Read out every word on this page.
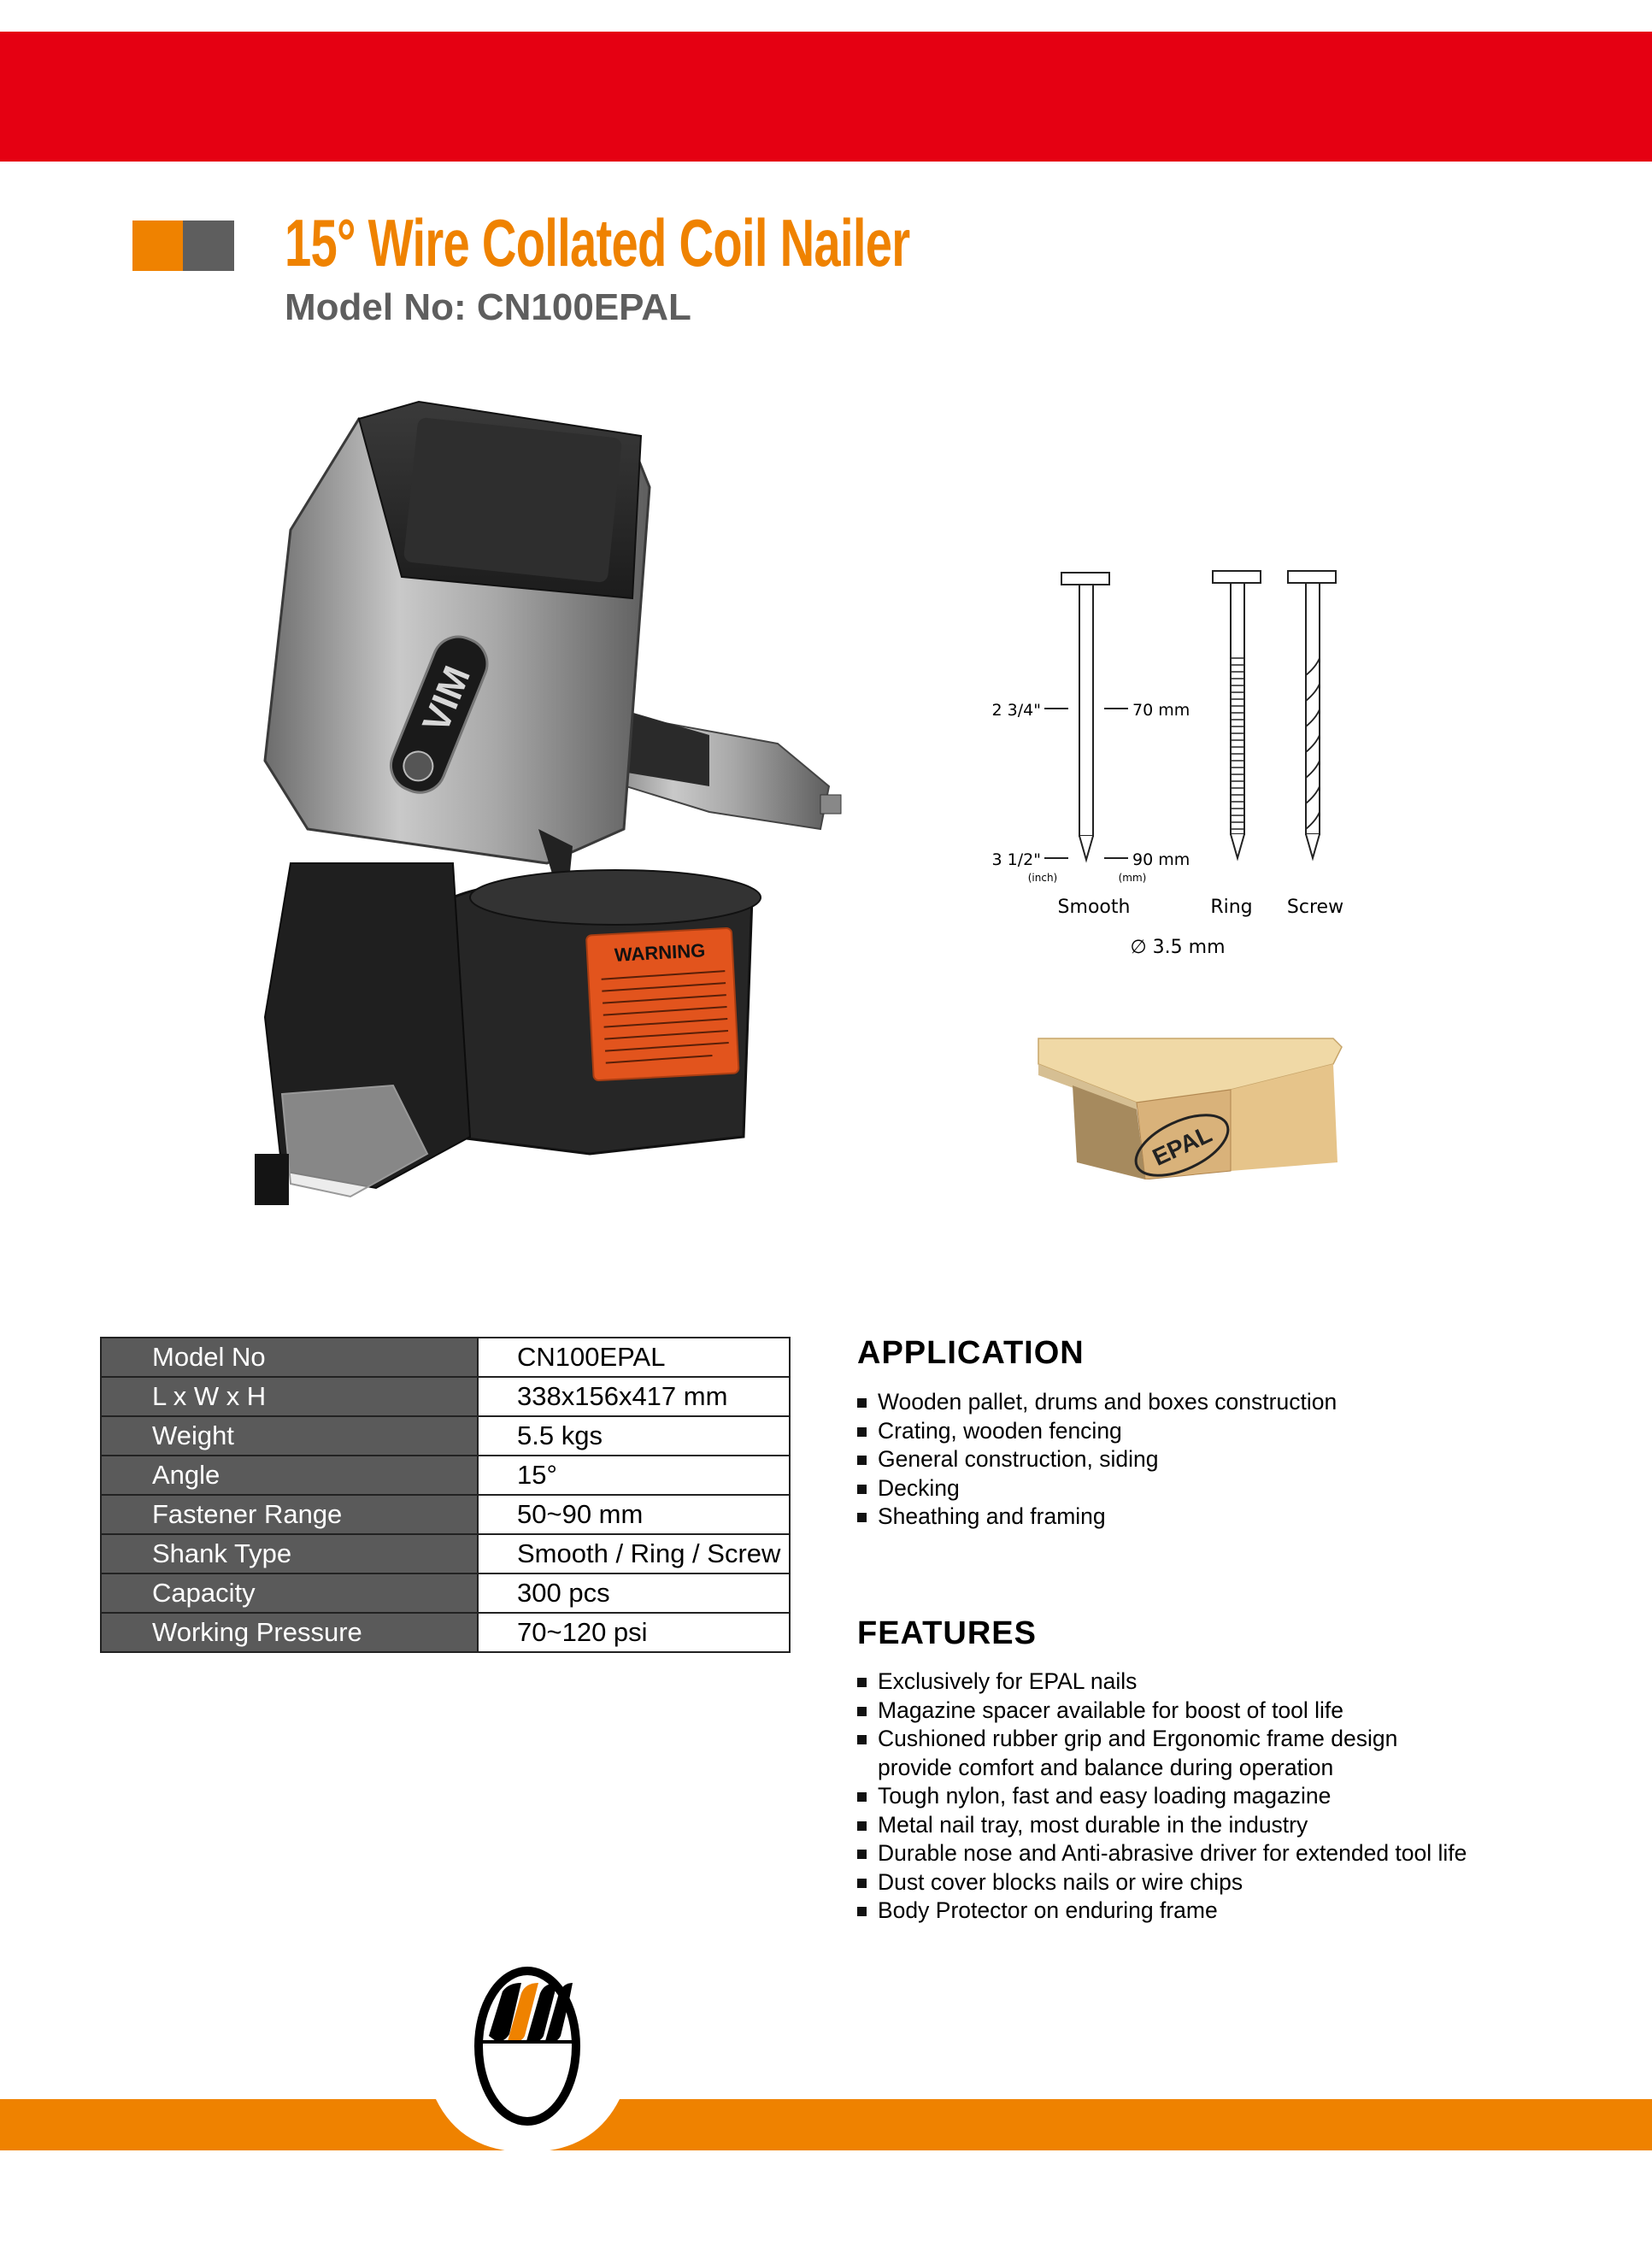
15° Wire Collated Coil Nailer
Model No: CN100EPAL
VIM
WARNING
2 3/4"	70 mm
3 1/2"	90 mm
(inch)	(mm)
Smooth	Ring Screw
∅ 3.5 mm
EPAL
Model No	CN100EPAL
L x W x H	338x156x417 mm
Weight	5.5 kgs
Angle	15°
Fastener Range	50~90 mm
Shank Type	Smooth / Ring / Screw
Capacity	300 pcs
Working Pressure	70~120 psi
APPLICATION
Wooden pallet, drums and boxes construction
Crating, wooden fencing
General construction, siding
Decking
Sheathing and framing
FEATURES
Exclusively for EPAL nails
Magazine spacer available for boost of tool life
Cushioned rubber grip and Ergonomic frame design
provide comfort and balance during operation
Tough nylon, fast and easy loading magazine
Metal nail tray, most durable in the industry
Durable nose and Anti-abrasive driver for extended tool life
Dust cover blocks nails or wire chips
Body Protector on enduring frame
